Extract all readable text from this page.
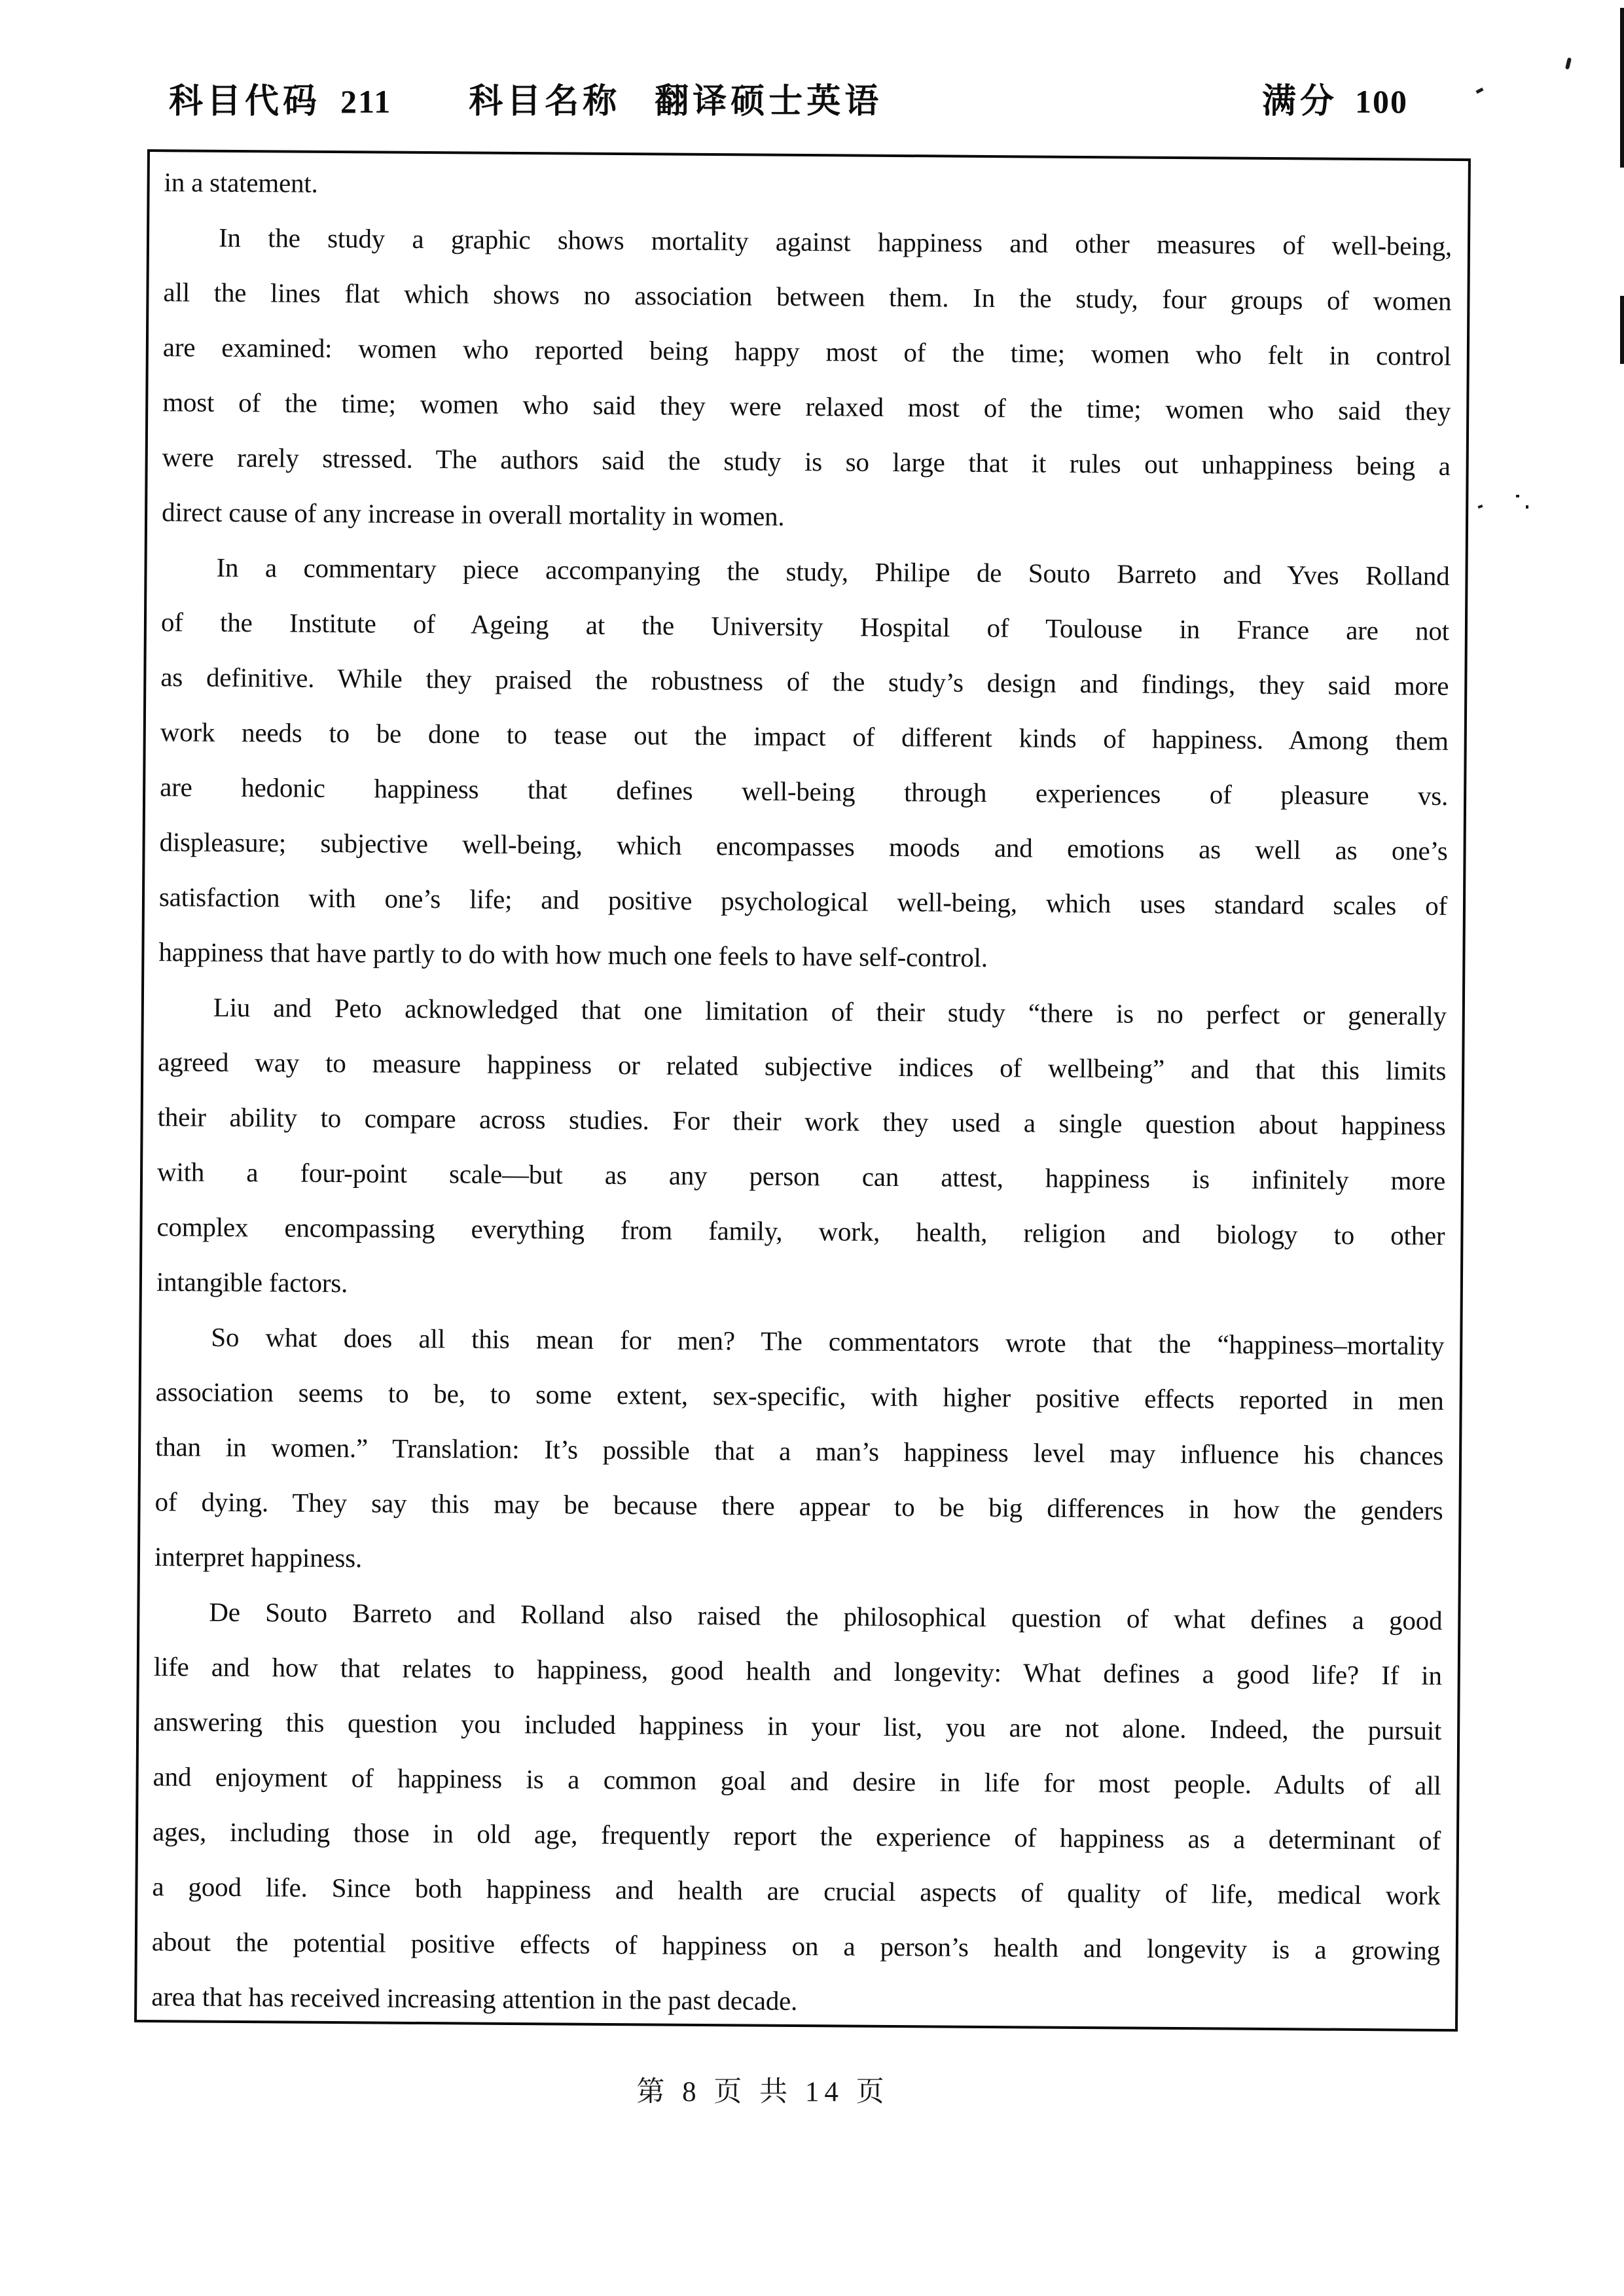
科目代码 211 科目名称 翻译硕士英语	满分 100
in a statement.
In the study a graphic shows mortality against happiness and other measures of well-being,
all the lines flat which shows no association between them. In the study, four groups of women
are examined: women who reported being happy most of the time; women who felt in control
most of the time; women who said they were relaxed most of the time; women who said they
were rarely stressed. The authors said the study is so large that it rules out unhappiness being a
direct cause of any increase in overall mortality in women.
In a commentary piece accompanying the study, Philipe de Souto Barreto and Yves Rolland
of the Institute of Ageing at the University Hospital of Toulouse in France are not
as definitive. While they praised the robustness of the study’s design and findings, they said more
work needs to be done to tease out the impact of different kinds of happiness. Among them
are hedonic happiness that defines well-being through experiences of pleasure vs.
displeasure; subjective well-being, which encompasses moods and emotions as well as one’s
satisfaction with one’s life; and positive psychological well-being, which uses standard scales of
happiness that have partly to do with how much one feels to have self-control.
Liu and Peto acknowledged that one limitation of their study “there is no perfect or generally
agreed way to measure happiness or related subjective indices of wellbeing” and that this limits
their ability to compare across studies. For their work they used a single question about happiness
with a four-point scale—but as any person can attest, happiness is infinitely more
complex encompassing everything from family, work, health, religion and biology to other
intangible factors.
So what does all this mean for men? The commentators wrote that the “happiness–mortality
association seems to be, to some extent, sex-specific, with higher positive effects reported in men
than in women.” Translation: It’s possible that a man’s happiness level may influence his chances
of dying. They say this may be because there appear to be big differences in how the genders
interpret happiness.
De Souto Barreto and Rolland also raised the philosophical question of what defines a good
life and how that relates to happiness, good health and longevity: What defines a good life? If in
answering this question you included happiness in your list, you are not alone. Indeed, the pursuit
and enjoyment of happiness is a common goal and desire in life for most people. Adults of all
ages, including those in old age, frequently report the experience of happiness as a determinant of
a good life. Since both happiness and health are crucial aspects of quality of life, medical work
about the potential positive effects of happiness on a person’s health and longevity is a growing
area that has received increasing attention in the past decade.
第 8 页 共 14 页
